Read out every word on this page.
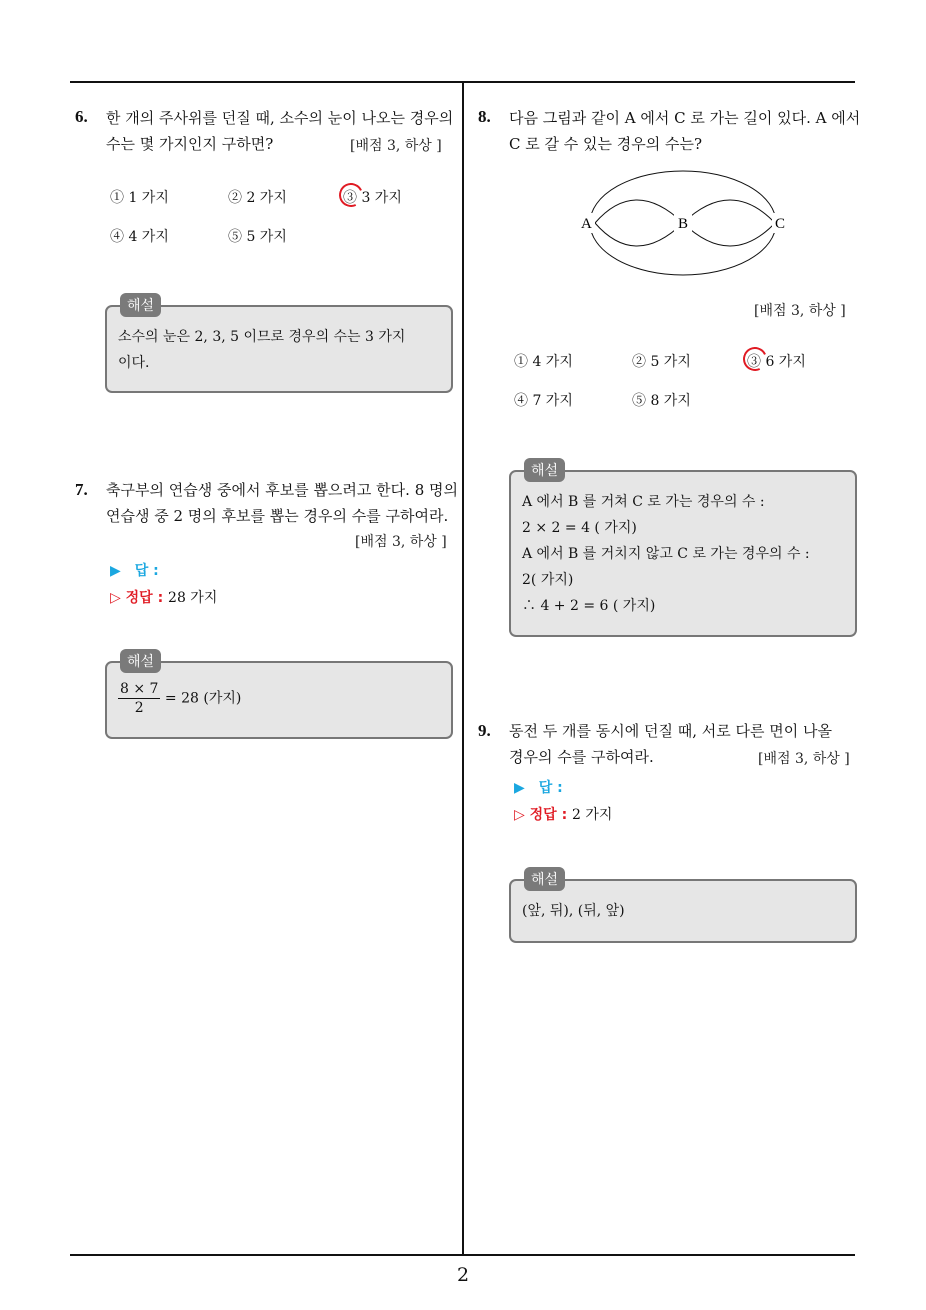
2
6. 한 개의 주사위를 던질 때, 소수의 눈이 나오는 경우의
수는 몇 가지인지 구하면?	[배점 3, 하상 ]
① 1 가지	② 2 가지	③ 3 가지
④ 4 가지	⑤ 5 가지
해설
소수의 눈은 2, 3, 5 이므로 경우의 수는 3 가지
이다.
7. 축구부의 연습생 중에서 후보를 뽑으려고 한다. 8 명의
연습생 중 2 명의 후보를 뽑는 경우의 수를 구하여라.
[배점 3, 하상 ]
▶ 답 :
▷ 정답 : 28 가지
해설
$\frac{8 \times 7}{2} = 28$ (가지)
8. 다음 그림과 같이 A 에서 C 로 가는 길이 있다. A 에서
C 로 갈 수 있는 경우의 수는?
A	B	C
[배점 3, 하상 ]
① 4 가지	② 5 가지	③ 6 가지
④ 7 가지	⑤ 8 가지
해설
A 에서 B 를 거쳐 C 로 가는 경우의 수 :
2 × 2 = 4 ( 가지)
A 에서 B 를 거치지 않고 C 로 가는 경우의 수 :
2( 가지)
∴ 4 + 2 = 6 ( 가지)
9. 동전 두 개를 동시에 던질 때, 서로 다른 면이 나올
경우의 수를 구하여라.	[배점 3, 하상 ]
▶ 답 :
▷ 정답 : 2 가지
해설
(앞, 뒤), (뒤, 앞)
